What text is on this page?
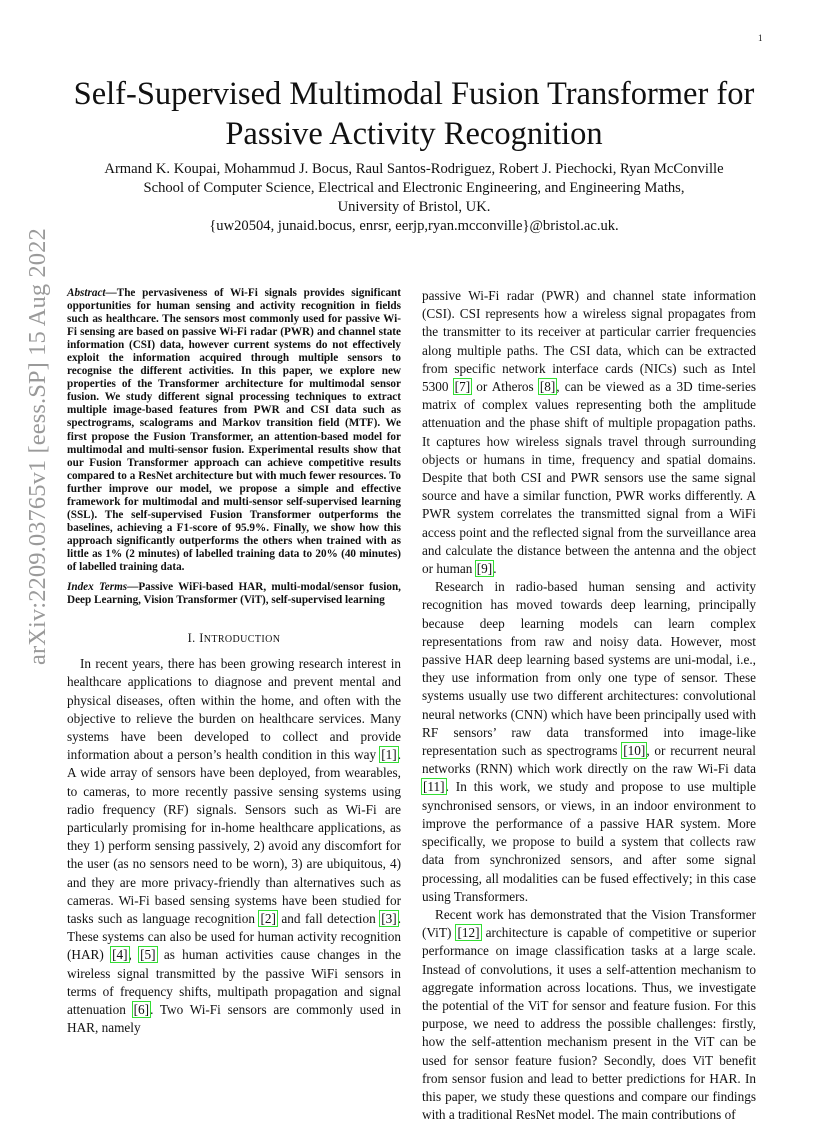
1
arXiv:2209.03765v1 [eess.SP] 15 Aug 2022
Self-Supervised Multimodal Fusion Transformer for
Passive Activity Recognition
Armand K. Koupai, Mohammud J. Bocus, Raul Santos-Rodriguez, Robert J. Piechocki, Ryan McConville
School of Computer Science, Electrical and Electronic Engineering, and Engineering Maths,
University of Bristol, UK.
{uw20504, junaid.bocus, enrsr, eerjp,ryan.mcconville}@bristol.ac.uk.

Abstract—The pervasiveness of Wi-Fi signals provides significant opportunities for human sensing and activity recognition in fields such as healthcare. The sensors most commonly used for passive Wi-Fi sensing are based on passive Wi-Fi radar (PWR) and channel state information (CSI) data, however current systems do not effectively exploit the information acquired through multiple sensors to recognise the different activities. In this paper, we explore new properties of the Transformer architecture for multimodal sensor fusion. We study different signal processing techniques to extract multiple image-based features from PWR and CSI data such as spectrograms, scalograms and Markov transition field (MTF). We first propose the Fusion Transformer, an attention-based model for multimodal and multi-sensor fusion. Experimental results show that our Fusion Transformer approach can achieve competitive results compared to a ResNet architecture but with much fewer resources. To further improve our model, we propose a simple and effective framework for multimodal and multi-sensor self-supervised learning (SSL). The self-supervised Fusion Transformer outperforms the baselines, achieving a F1-score of 95.9%. Finally, we show how this approach significantly outperforms the others when trained with as little as 1% (2 minutes) of labelled training data to 20% (40 minutes) of labelled training data.

Index Terms—Passive WiFi-based HAR, multi-modal/sensor fusion, Deep Learning, Vision Transformer (ViT), self-supervised learning

I. INTRODUCTION

In recent years, there has been growing research interest in healthcare applications to diagnose and prevent mental and physical diseases, often within the home, and often with the objective to relieve the burden on healthcare services. Many systems have been developed to collect and provide information about a person’s health condition in this way [1]. A wide array of sensors have been deployed, from wearables, to cameras, to more recently passive sensing systems using radio frequency (RF) signals. Sensors such as Wi-Fi are particularly promising for in-home healthcare applications, as they 1) perform sensing passively, 2) avoid any discomfort for the user (as no sensors need to be worn), 3) are ubiquitous, 4) and they are more privacy-friendly than alternatives such as cameras. Wi-Fi based sensing systems have been studied for tasks such as language recognition [2] and fall detection [3]. These systems can also be used for human activity recognition (HAR) [4], [5] as human activities cause changes in the wireless signal transmitted by the passive WiFi sensors in terms of frequency shifts, multipath propagation and signal attenuation [6]. Two Wi-Fi sensors are commonly used in HAR, namely

passive Wi-Fi radar (PWR) and channel state information (CSI). CSI represents how a wireless signal propagates from the transmitter to its receiver at particular carrier frequencies along multiple paths. The CSI data, which can be extracted from specific network interface cards (NICs) such as Intel 5300 [7] or Atheros [8], can be viewed as a 3D time-series matrix of complex values representing both the amplitude attenuation and the phase shift of multiple propagation paths. It captures how wireless signals travel through surrounding objects or humans in time, frequency and spatial domains. Despite that both CSI and PWR sensors use the same signal source and have a similar function, PWR works differently. A PWR system correlates the transmitted signal from a WiFi access point and the reflected signal from the surveillance area and calculate the distance between the antenna and the object or human [9].

Research in radio-based human sensing and activity recognition has moved towards deep learning, principally because deep learning models can learn complex representations from raw and noisy data. However, most passive HAR deep learning based systems are uni-modal, i.e., they use information from only one type of sensor. These systems usually use two different architectures: convolutional neural networks (CNN) which have been principally used with RF sensors’ raw data transformed into image-like representation such as spectrograms [10], or recurrent neural networks (RNN) which work directly on the raw Wi-Fi data [11]. In this work, we study and propose to use multiple synchronised sensors, or views, in an indoor environment to improve the performance of a passive HAR system. More specifically, we propose to build a system that collects raw data from synchronized sensors, and after some signal processing, all modalities can be fused effectively; in this case using Transformers.

Recent work has demonstrated that the Vision Transformer (ViT) [12] architecture is capable of competitive or superior performance on image classification tasks at a large scale. Instead of convolutions, it uses a self-attention mechanism to aggregate information across locations. Thus, we investigate the potential of the ViT for sensor and feature fusion. For this purpose, we need to address the possible challenges: firstly, how the self-attention mechanism present in the ViT can be used for sensor feature fusion? Secondly, does ViT benefit from sensor fusion and lead to better predictions for HAR. In this paper, we study these questions and compare our findings with a traditional ResNet model. The main contributions of
